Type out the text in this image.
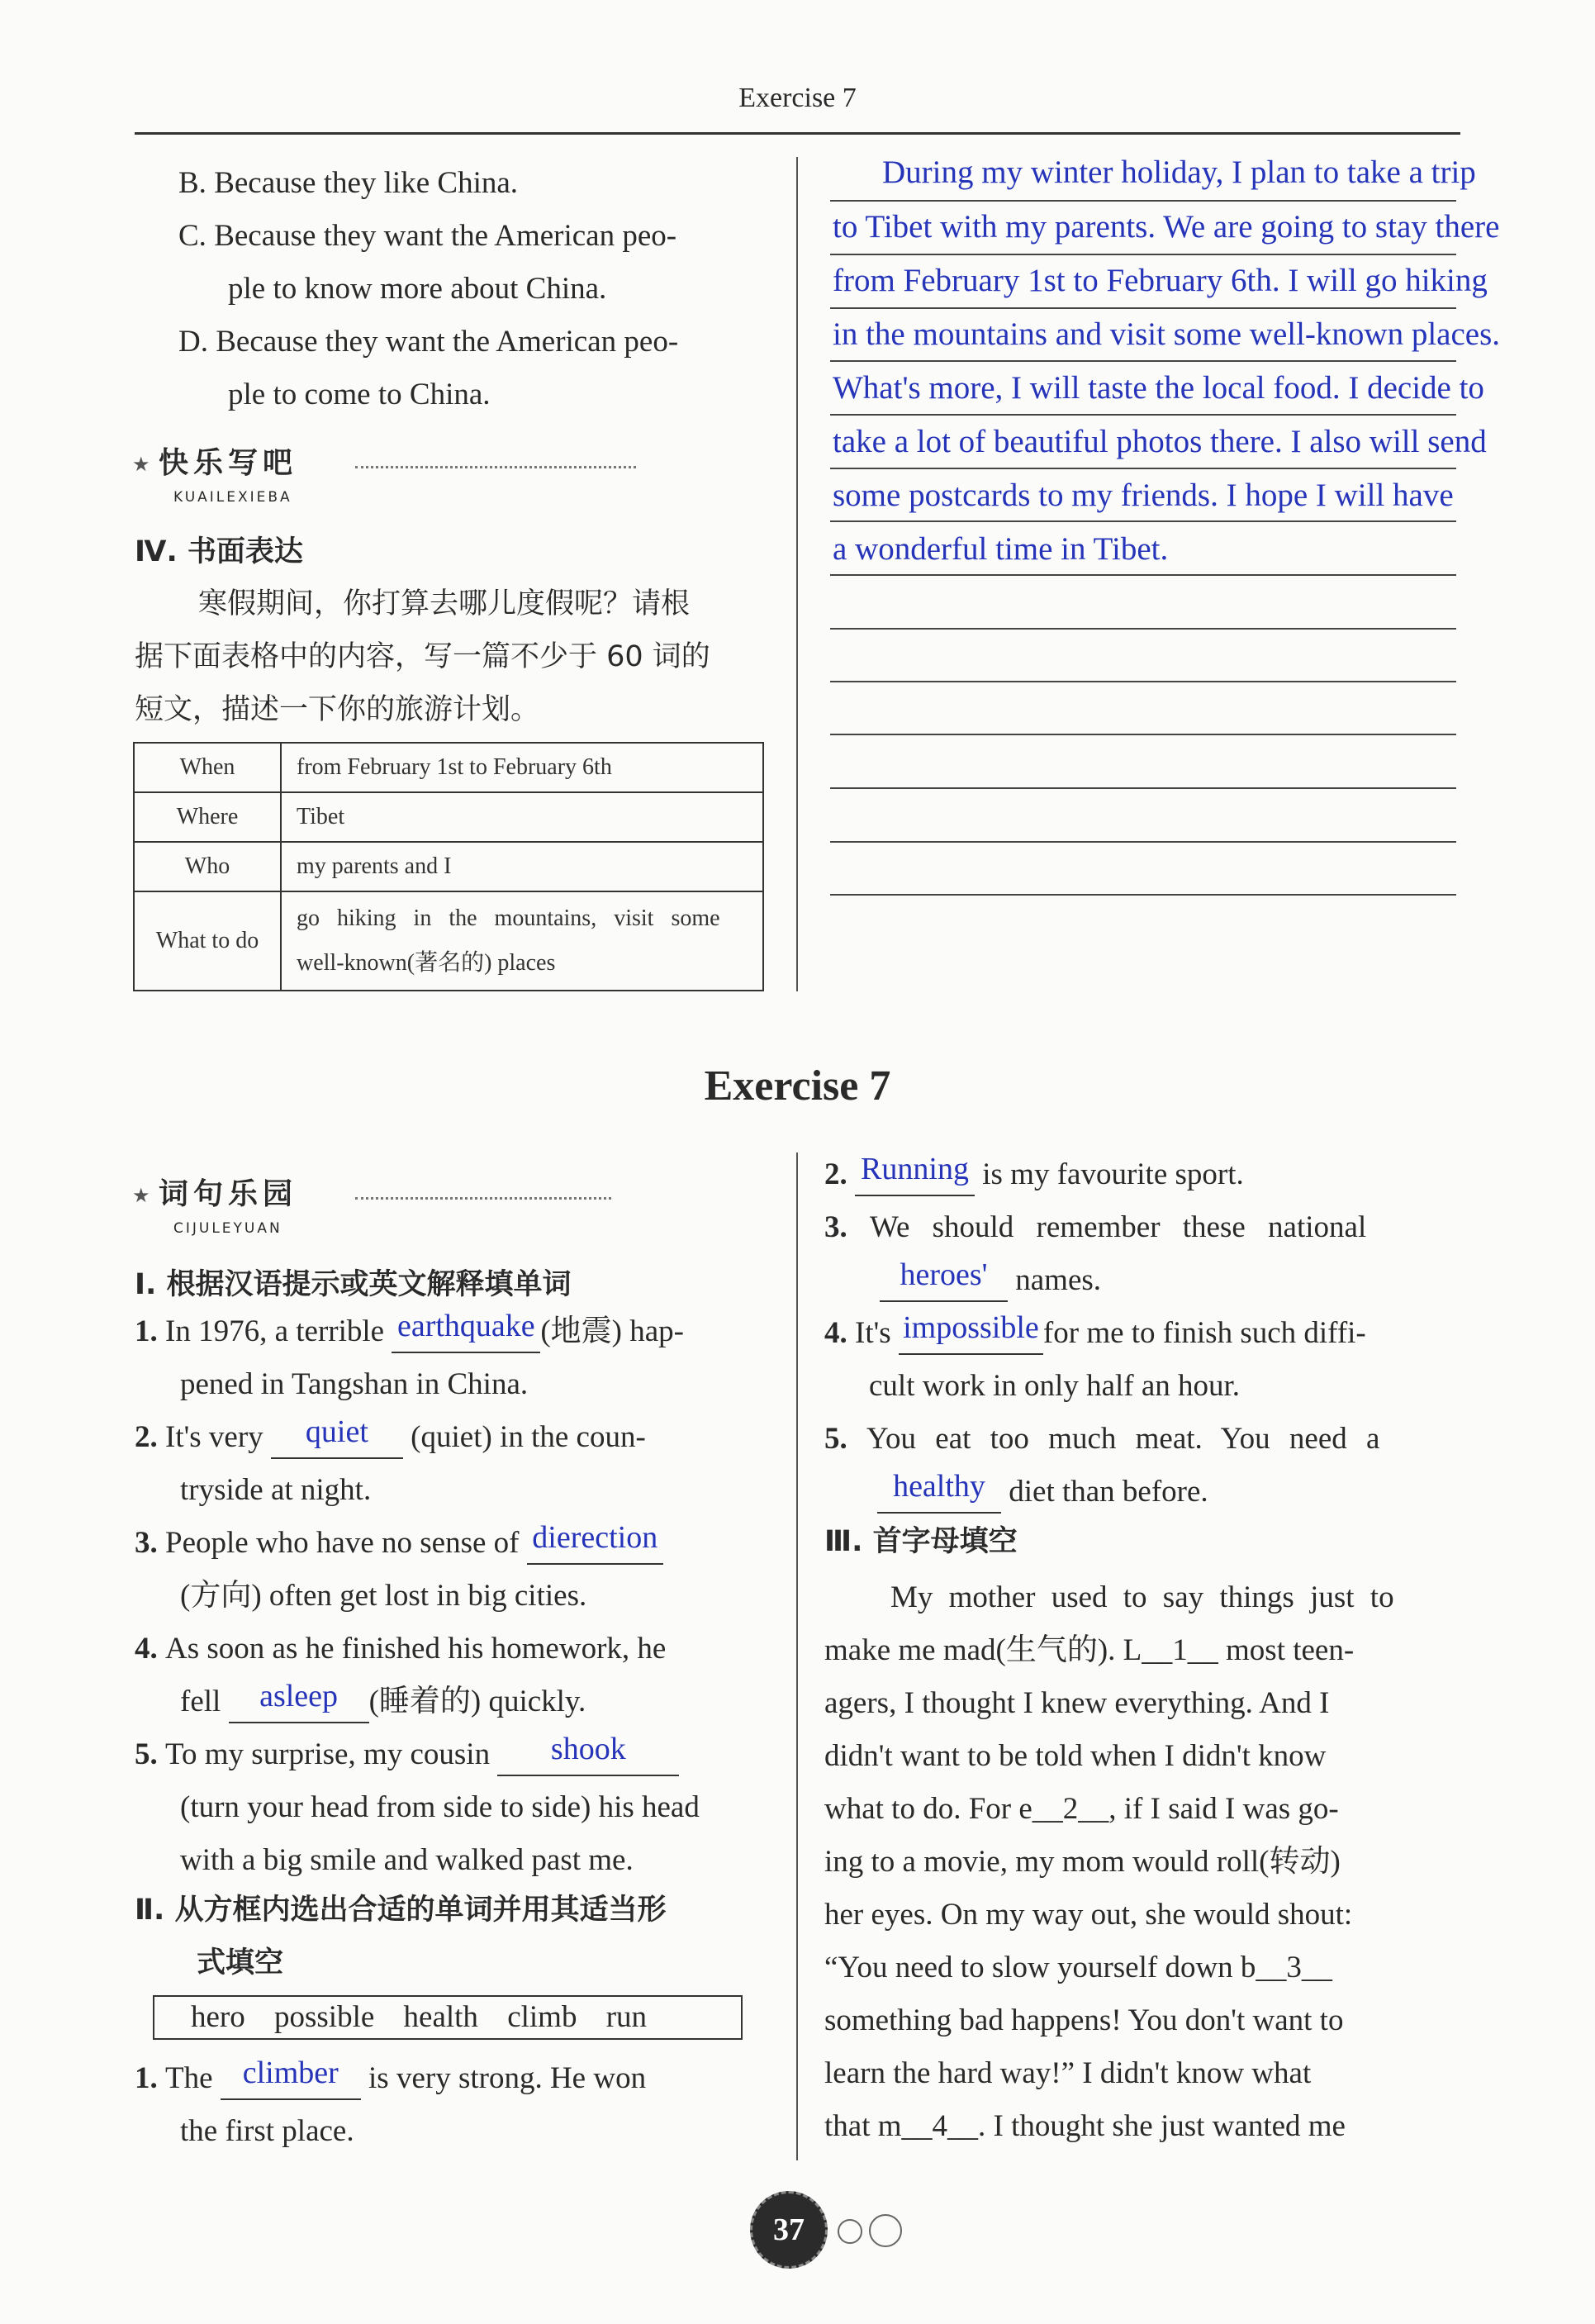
Exercise 7
B. Because they like China.
C. Because they want the American peo-
ple to know more about China.
D. Because they want the American peo-
ple to come to China.
★ 快乐写吧
KUAILEXIEBA
Ⅳ. 书面表达
寒假期间，你打算去哪儿度假呢？请根
据下面表格中的内容，写一篇不少于 60 词的
短文，描述一下你的旅游计划。
When	from February 1st to February 6th
Where	Tibet
Who	my parents and I
What to do	go hiking in the mountains, visit some
well-known(著名的) places
During my winter holiday, I plan to take a trip
to Tibet with my parents. We are going to stay there
from February 1st to February 6th. I will go hiking
in the mountains and visit some well-known places.
What's more, I will taste the local food. I decide to
take a lot of beautiful photos there. I also will send
some postcards to my friends. I hope I will have
a wonderful time in Tibet.
Exercise 7
★ 词句乐园
CIJULEYUAN
Ⅰ. 根据汉语提示或英文解释填单词
1. In 1976, a terrible earthquake (地震) hap-
pened in Tangshan in China.
2. It's very quiet (quiet) in the coun-
tryside at night.
3. People who have no sense of dierection
(方向) often get lost in big cities.
4. As soon as he finished his homework, he
fell asleep (睡着的) quickly.
5. To my surprise, my cousin shook
(turn your head from side to side) his head
with a big smile and walked past me.
Ⅱ. 从方框内选出合适的单词并用其适当形
式填空
hero possible health climb run
1. The climber is very strong. He won
the first place.
2. Running is my favourite sport.
3. We should remember these national
heroes' names.
4. It's impossible for me to finish such diffi-
cult work in only half an hour.
5. You eat too much meat. You need a
healthy diet than before.
Ⅲ. 首字母填空
My mother used to say things just to
make me mad(生气的). L__1__ most teen-
agers, I thought I knew everything. And I
didn't want to be told when I didn't know
what to do. For e__2__, if I said I was go-
ing to a movie, my mom would roll(转动)
her eyes. On my way out, she would shout:
“You need to slow yourself down b__3__
something bad happens! You don't want to
learn the hard way!” I didn't know what
that m__4__. I thought she just wanted me
37
